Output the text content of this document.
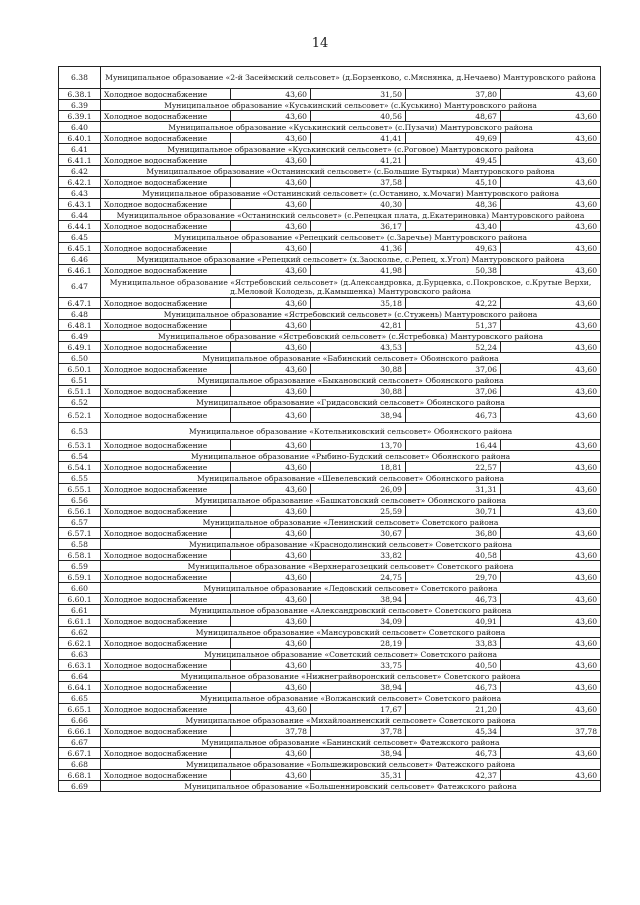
14
6.38	Муниципальное образование «2-й Засеймский сельсовет» (д.Борзенково, с.Мяснянка, д.Нечаево) Мантуровского района				
6.38.1	Холодное водоснабжение	43,60	31,50	37,80	43,60
6.39	Муниципальное образование «Куськинский сельсовет» (с.Куськино) Мантуровского района				
6.39.1	Холодное водоснабжение	43,60	40,56	48,67	43,60
6.40	Муниципальное образование «Куськинский сельсовет» (с.Пузачи) Мантуровского района				
6.40.1	Холодное водоснабжение	43,60	41,41	49,69	43,60
6.41	Муниципальное образование «Куськинский сельсовет» (с.Роговое) Мантуровского района				
6.41.1	Холодное водоснабжение	43,60	41,21	49,45	43,60
6.42	Муниципальное образование «Останинский сельсовет» (с.Большие Бутырки) Мантуровского района				
6.42.1	Холодное водоснабжение	43,60	37,58	45,10	43,60
6.43	Муниципальное образование «Останинский сельсовет» (с.Останино, х.Мочаги) Мантуровского района				
6.43.1	Холодное водоснабжение	43,60	40,30	48,36	43,60
6.44	Муниципальное образование «Останинский сельсовет» (с.Репецкая плата, д.Екатериновка) Мантуровского района				
6.44.1	Холодное водоснабжение	43,60	36,17	43,40	43,60
6.45	Муниципальное образование «Репецкий сельсовет» (с.Заречье) Мантуровского района				
6.45.1	Холодное водоснабжение	43,60	41,36	49,63	43,60
6.46	Муниципальное образование «Репецкий сельсовет» (х.Заосколье, с.Репец, х.Угол) Мантуровского района				
6.46.1	Холодное водоснабжение	43,60	41,98	50,38	43,60
6.47	Муниципальное образование «Ястребовский сельсовет» (д.Александровка, д.Бурцевка, с.Покровское, с.Крутые Верхи, д.Меловой Колодезь, д.Камышенка) Мантуровского района				
6.47.1	Холодное водоснабжение	43,60	35,18	42,22	43,60
6.48	Муниципальное образование «Ястребовский сельсовет» (с.Стужень) Мантуровского района				
6.48.1	Холодное водоснабжение	43,60	42,81	51,37	43,60
6.49	Муниципальное образование «Ястребовский сельсовет» (с.Ястребовка) Мантуровского района				
6.49.1	Холодное водоснабжение	43,60	43,53	52,24	43,60
6.50	Муниципальное образование «Бабинский сельсовет» Обоянского района				
6.50.1	Холодное водоснабжение	43,60	30,88	37,06	43,60
6.51	Муниципальное образование «Быкановский сельсовет» Обоянского района				
6.51.1	Холодное водоснабжение	43,60	30,88	37,06	43,60
6.52	Муниципальное образование «Гридасовский сельсовет» Обоянского района				
6.52.1	Холодное водоснабжение	43,60	38,94	46,73	43,60
6.53	Муниципальное образование «Котельниковский сельсовет» Обоянского района				
6.53.1	Холодное водоснабжение	43,60	13,70	16,44	43,60
6.54	Муниципальное образование «Рыбино-Будский сельсовет» Обоянского района				
6.54.1	Холодное водоснабжение	43,60	18,81	22,57	43,60
6.55	Муниципальное образование «Шевелевский сельсовет» Обоянского района				
6.55.1	Холодное водоснабжение	43,60	26,09	31,31	43,60
6.56	Муниципальное образование «Башкатовский сельсовет» Обоянского района				
6.56.1	Холодное водоснабжение	43,60	25,59	30,71	43,60
6.57	Муниципальное образование «Ленинский сельсовет» Советского района				
6.57.1	Холодное водоснабжение	43,60	30,67	36,80	43,60
6.58	Муниципальное образование «Краснодолинский сельсовет» Советского района				
6.58.1	Холодное водоснабжение	43,60	33,82	40,58	43,60
6.59	Муниципальное образование «Верхнерагозецкий сельсовет» Советского района				
6.59.1	Холодное водоснабжение	43,60	24,75	29,70	43,60
6.60	Муниципальное образование «Ледовский сельсовет» Советского района				
6.60.1	Холодное водоснабжение	43,60	38,94	46,73	43,60
6.61	Муниципальное образование «Александровский сельсовет» Советского района				
6.61.1	Холодное водоснабжение	43,60	34,09	40,91	43,60
6.62	Муниципальное образование «Мансуровский сельсовет» Советского района				
6.62.1	Холодное водоснабжение	43,60	28,19	33,83	43,60
6.63	Муниципальное образование «Советский сельсовет» Советского района				
6.63.1	Холодное водоснабжение	43,60	33,75	40,50	43,60
6.64	Муниципальное образование «Нижнеграйворонский сельсовет» Советского района				
6.64.1	Холодное водоснабжение	43,60	38,94	46,73	43,60
6.65	Муниципальное образование «Волжанский сельсовет» Советского района				
6.65.1	Холодное водоснабжение	43,60	17,67	21,20	43,60
6.66	Муниципальное образование «Михайлоанненский сельсовет» Советского района				
6.66.1	Холодное водоснабжение	37,78	37,78	45,34	37,78
6.67	Муниципальное образование «Банинский сельсовет» Фатежского района				
6.67.1	Холодное водоснабжение	43,60	38,94	46,73	43,60
6.68	Муниципальное образование «Большежировский сельсовет» Фатежского района				
6.68.1	Холодное водоснабжение	43,60	35,31	42,37	43,60
6.69	Муниципальное образование «Большеннировский сельсовет» Фатежского района				
